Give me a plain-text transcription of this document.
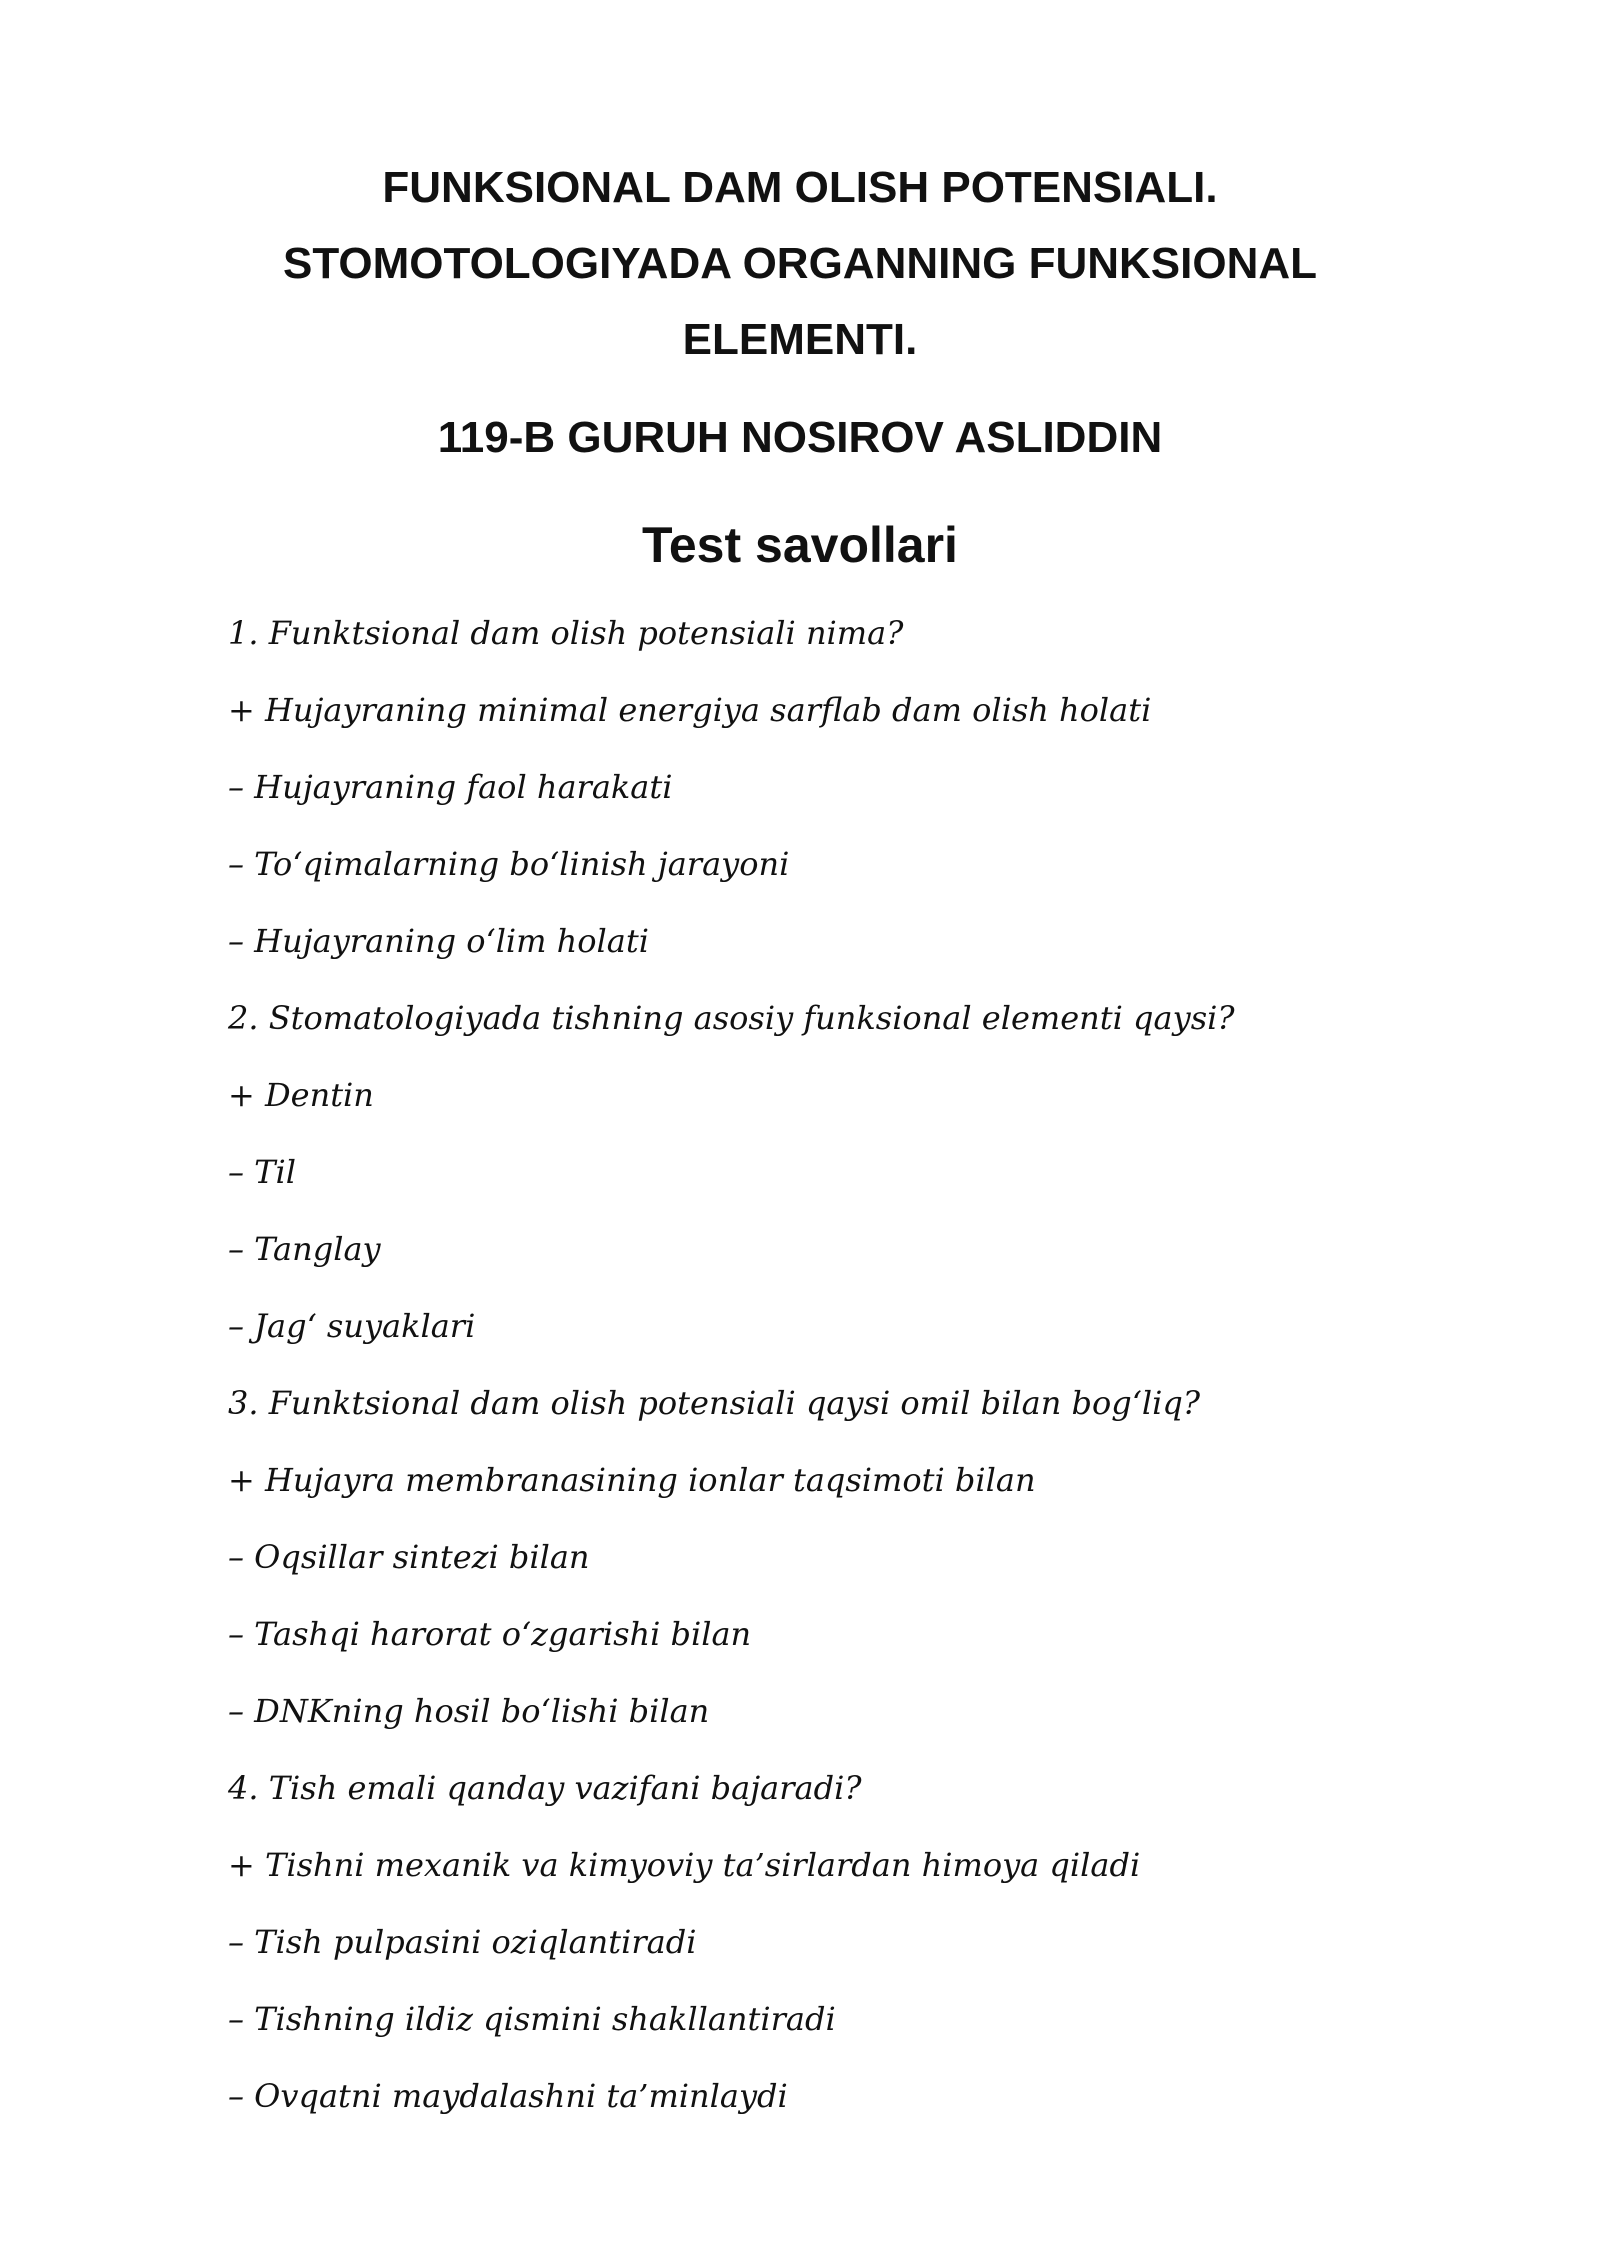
FUNKSIONAL DAM OLISH POTENSIALI.
STOMOTOLOGIYADA ORGANNING FUNKSIONAL
ELEMENTI.
119-B GURUH NOSIROV ASLIDDIN
Test savollari
1. Funktsional dam olish potensiali nima?
+ Hujayraning minimal energiya sarflab dam olish holati
– Hujayraning faol harakati
– To‘qimalarning bo‘linish jarayoni
– Hujayraning o‘lim holati
2. Stomatologiyada tishning asosiy funksional elementi qaysi?
+ Dentin
– Til
– Tanglay
– Jag‘ suyaklari
3. Funktsional dam olish potensiali qaysi omil bilan bog‘liq?
+ Hujayra membranasining ionlar taqsimoti bilan
– Oqsillar sintezi bilan
– Tashqi harorat o‘zgarishi bilan
– DNKning hosil bo‘lishi bilan
4. Tish emali qanday vazifani bajaradi?
+ Tishni mexanik va kimyoviy ta’sirlardan himoya qiladi
– Tish pulpasini oziqlantiradi
– Tishning ildiz qismini shakllantiradi
– Ovqatni maydalashni ta’minlaydi
